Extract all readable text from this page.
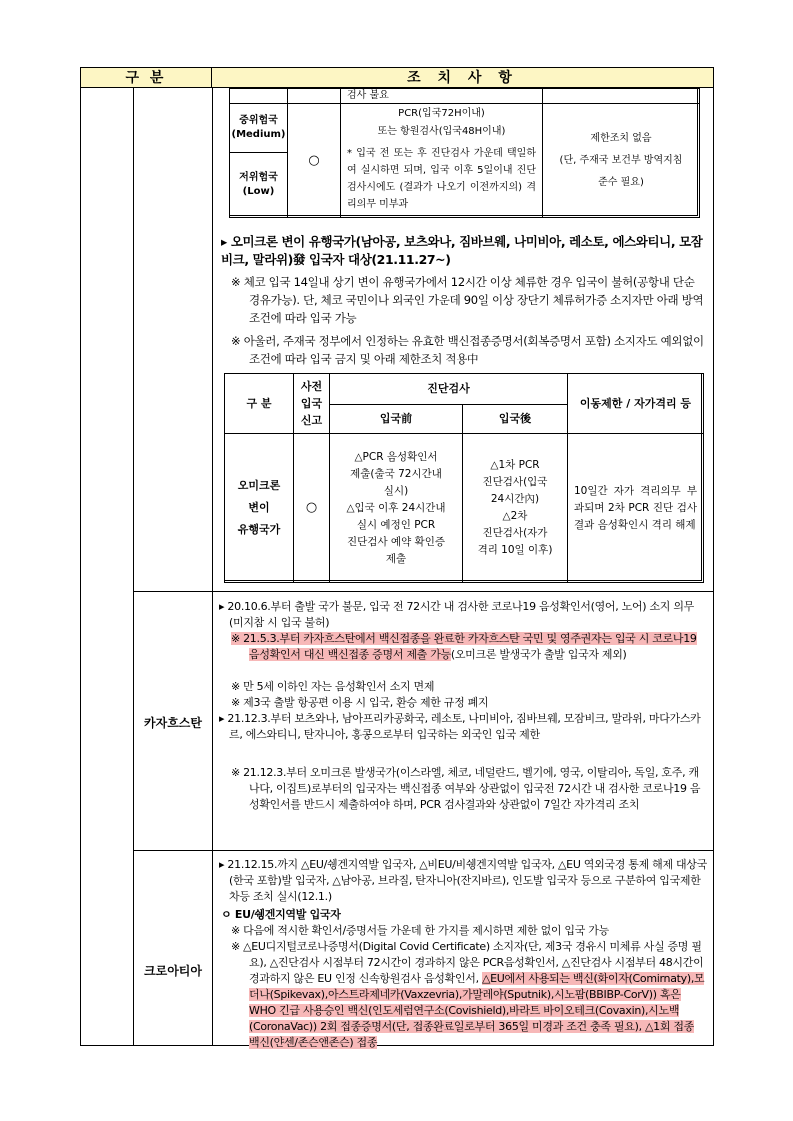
구 분	조 치 사 항
검사 불요
중위험국
(Medium)
저위험국
(Low)
○
PCR(입국72H이내)
또는 항원검사(입국48H이내)
* 입국 전 또는 후 진단검사 가운데 택일하여 실시하면 되며, 입국 이후 5일이내 진단 검사시에도 (결과가 나오기 이전까지의) 격리의무 미부과
제한조치 없음
(단, 주재국 보건부 방역지침
준수 필요)
▸ 오미크론 변이 유행국가(남아공, 보츠와나, 짐바브웨, 나미비아, 레소토, 에스와티니, 모잠비크, 말라위)發 입국자 대상(21.11.27~)
※ 체코 입국 14일내 상기 변이 유행국가에서 12시간 이상 체류한 경우 입국이 불허(공항내 단순 경유가능). 단, 체코 국민이나 외국인 가운데 90일 이상 장단기 체류허가증 소지자만 아래 방역조건에 따라 입국 가능
※ 아울러, 주재국 정부에서 인정하는 유효한 백신접종증명서(회복증명서 포함) 소지자도 예외없이 조건에 따라 입국 금지 및 아래 제한조치 적용中
구 분
사전
입국
신고
진단검사
입국前	입국後
이동제한 / 자가격리 등
오미크론
변이
유행국가
○
△PCR 음성확인서
제출(출국 72시간내
실시)
△입국 이후 24시간내
실시 예정인 PCR
진단검사 예약 확인증
제출
△1차 PCR
진단검사(입국
24시간內)
△2차
진단검사(자가
격리 10일 이후)
10일간 자가 격리의무 부과되며 2차 PCR 진단 검사 결과 음성확인시 격리 해제
카자흐스탄
▸ 20.10.6.부터 출발 국가 불문, 입국 전 72시간 내 검사한 코로나19 음성확인서(영어, 노어) 소지 의무(미지참 시 입국 불허)
※ 21.5.3.부터 카자흐스탄에서 백신접종을 완료한 카자흐스탄 국민 및 영주권자는 입국 시 코로나19 음성확인서 대신 백신접종 증명서 제출 가능(오미크론 발생국가 출발 입국자 제외)
※ 만 5세 이하인 자는 음성확인서 소지 면제
※ 제3국 출발 항공편 이용 시 입국, 환승 제한 규정 폐지
▸ 21.12.3.부터 보츠와나, 남아프리카공화국, 레소토, 나미비아, 짐바브웨, 모잠비크, 말라위, 마다가스카르, 에스와티니, 탄자니아, 홍콩으로부터 입국하는 외국인 입국 제한
※ 21.12.3.부터 오미크론 발생국가(이스라엘, 체코, 네덜란드, 벨기에, 영국, 이탈리아, 독일, 호주, 캐나다, 이집트)로부터의 입국자는 백신접종 여부와 상관없이 입국전 72시간 내 검사한 코로나19 음성확인서를 반드시 제출하여야 하며, PCR 검사결과와 상관없이 7일간 자가격리 조치
크로아티아
▸ 21.12.15.까지 △EU/쉥겐지역발 입국자, △비EU/비쉥겐지역발 입국자, △EU 역외국경 통제 해제 대상국(한국 포함)발 입국자, △남아공, 브라질, 탄자니아(잔지바르), 인도발 입국자 등으로 구분하여 입국제한 차등 조치 실시(12.1.)
ㅇ EU/쉥겐지역발 입국자
※ 다음에 적시한 확인서/증명서들 가운데 한 가지를 제시하면 제한 없이 입국 가능
※ △EU디지털코로나증명서(Digital Covid Certificate) 소지자(단, 제3국 경유시 미체류 사실 증명 필요), △진단검사 시점부터 72시간이 경과하지 않은 PCR음성확인서, △진단검사 시점부터 48시간이 경과하지 않은 EU 인정 신속항원검사 음성확인서, △EU에서 사용되는 백신(화이자(Comirnaty),모더나(Spikevax),아스트라제네카(Vaxzevria),가말레야(Sputnik),시노팜(BBIBP-CorV)) 혹은 WHO 긴급 사용승인 백신(인도세럼연구소(Covishield),바라트 바이오테크(Covaxin),시노백(CoronaVac)) 2회 접종증명서(단, 접종완료일로부터 365일 미경과 조건 충족 필요), △1회 접종 백신(얀센/존슨앤존슨) 접종
